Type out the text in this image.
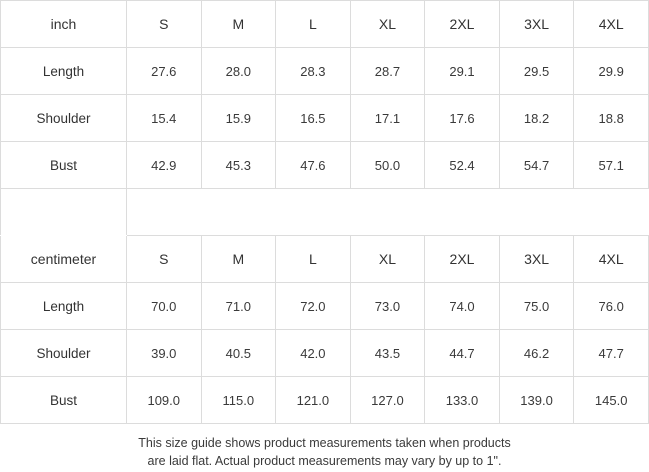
inch	S	M	L	XL	2XL	3XL	4XL
Length	27.6	28.0	28.3	28.7	29.1	29.5	29.9
Shoulder	15.4	15.9	16.5	17.1	17.6	18.2	18.8
Bust	42.9	45.3	47.6	50.0	52.4	54.7	57.1

centimeter	S	M	L	XL	2XL	3XL	4XL
Length	70.0	71.0	72.0	73.0	74.0	75.0	76.0
Shoulder	39.0	40.5	42.0	43.5	44.7	46.2	47.7
Bust	109.0	115.0	121.0	127.0	133.0	139.0	145.0
This size guide shows product measurements taken when products
are laid flat. Actual product measurements may vary by up to 1".
